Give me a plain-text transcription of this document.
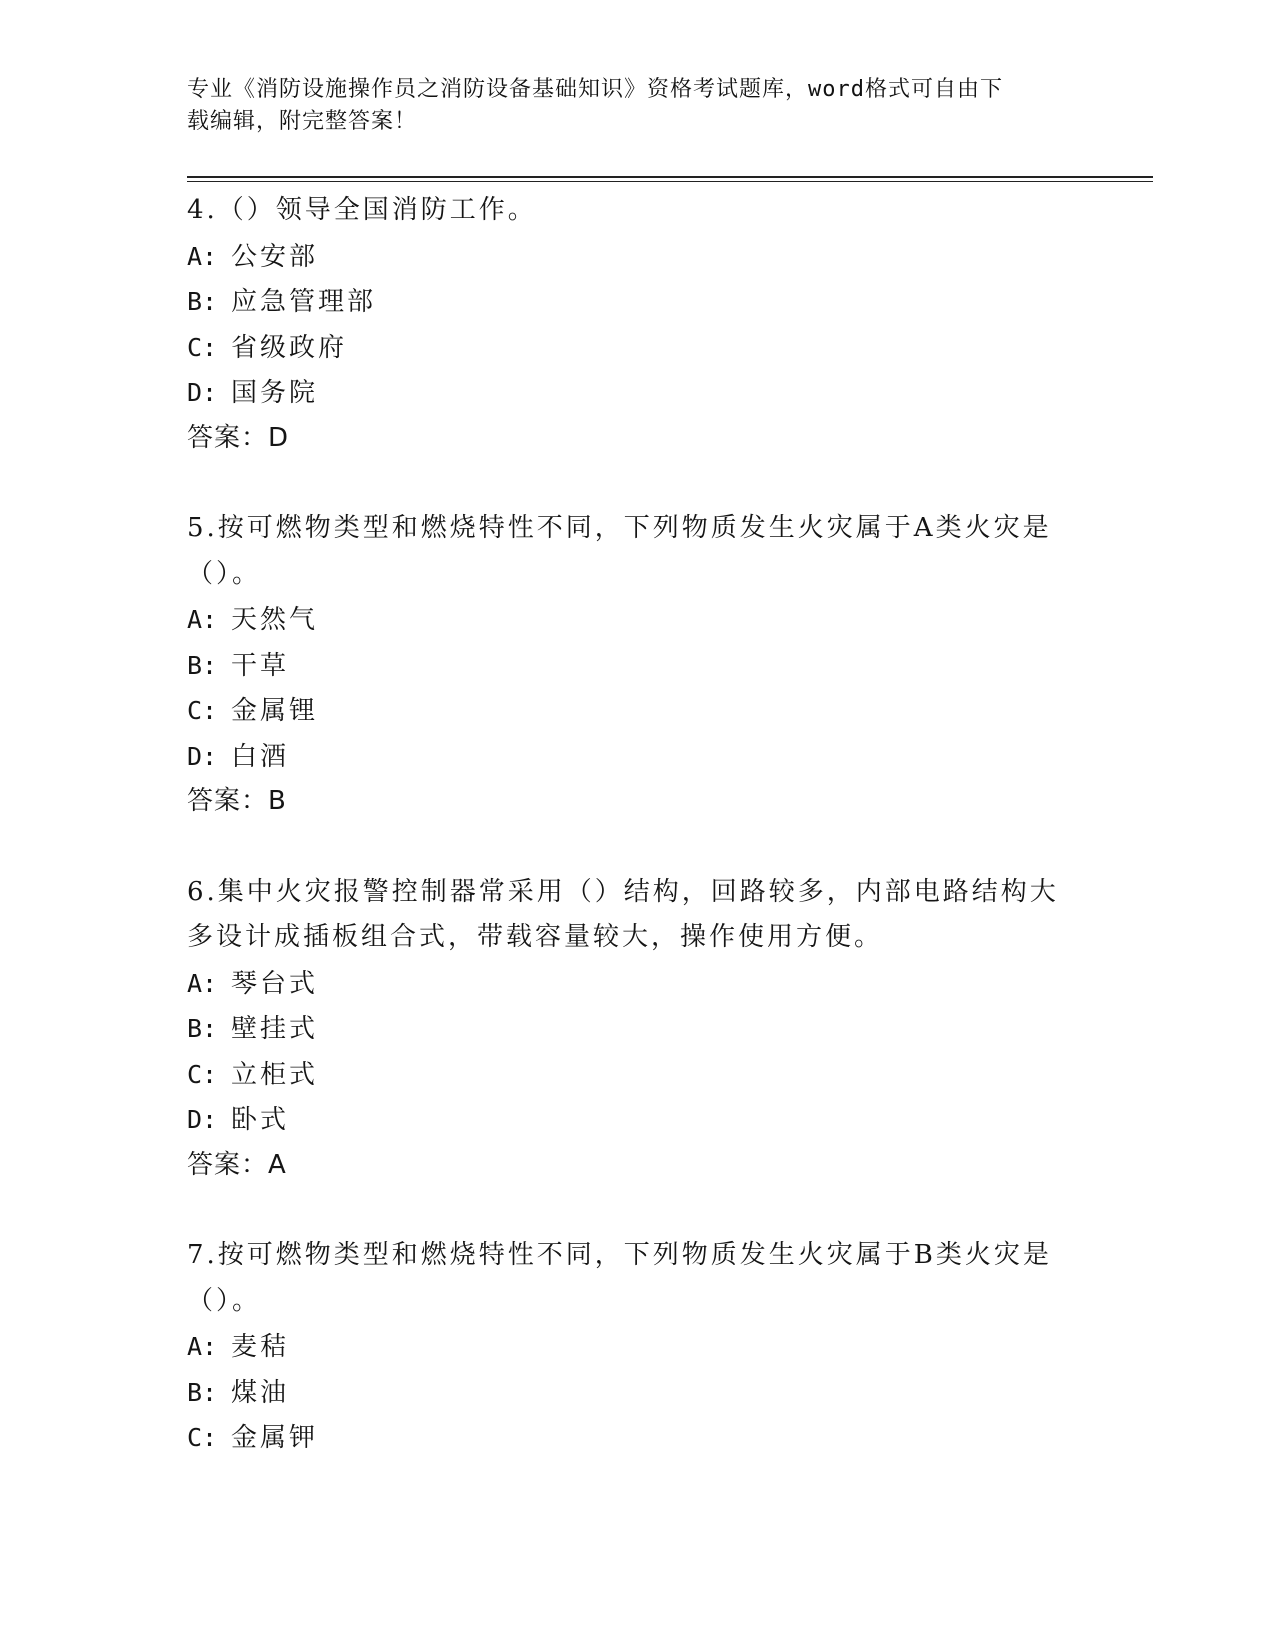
专业《消防设施操作员之消防设备基础知识》资格考试题库，word格式可自由下
载编辑，附完整答案！
4.（）领导全国消防工作。
A: 公安部
B: 应急管理部
C: 省级政府
D: 国务院
答案：D
5.按可燃物类型和燃烧特性不同，下列物质发生火灾属于A类火灾是
（）。
A: 天然气
B: 干草
C: 金属锂
D: 白酒
答案：B
6.集中火灾报警控制器常采用（）结构，回路较多，内部电路结构大
多设计成插板组合式，带载容量较大，操作使用方便。
A: 琴台式
B: 壁挂式
C: 立柜式
D: 卧式
答案：A
7.按可燃物类型和燃烧特性不同，下列物质发生火灾属于B类火灾是
（）。
A: 麦秸
B: 煤油
C: 金属钾
